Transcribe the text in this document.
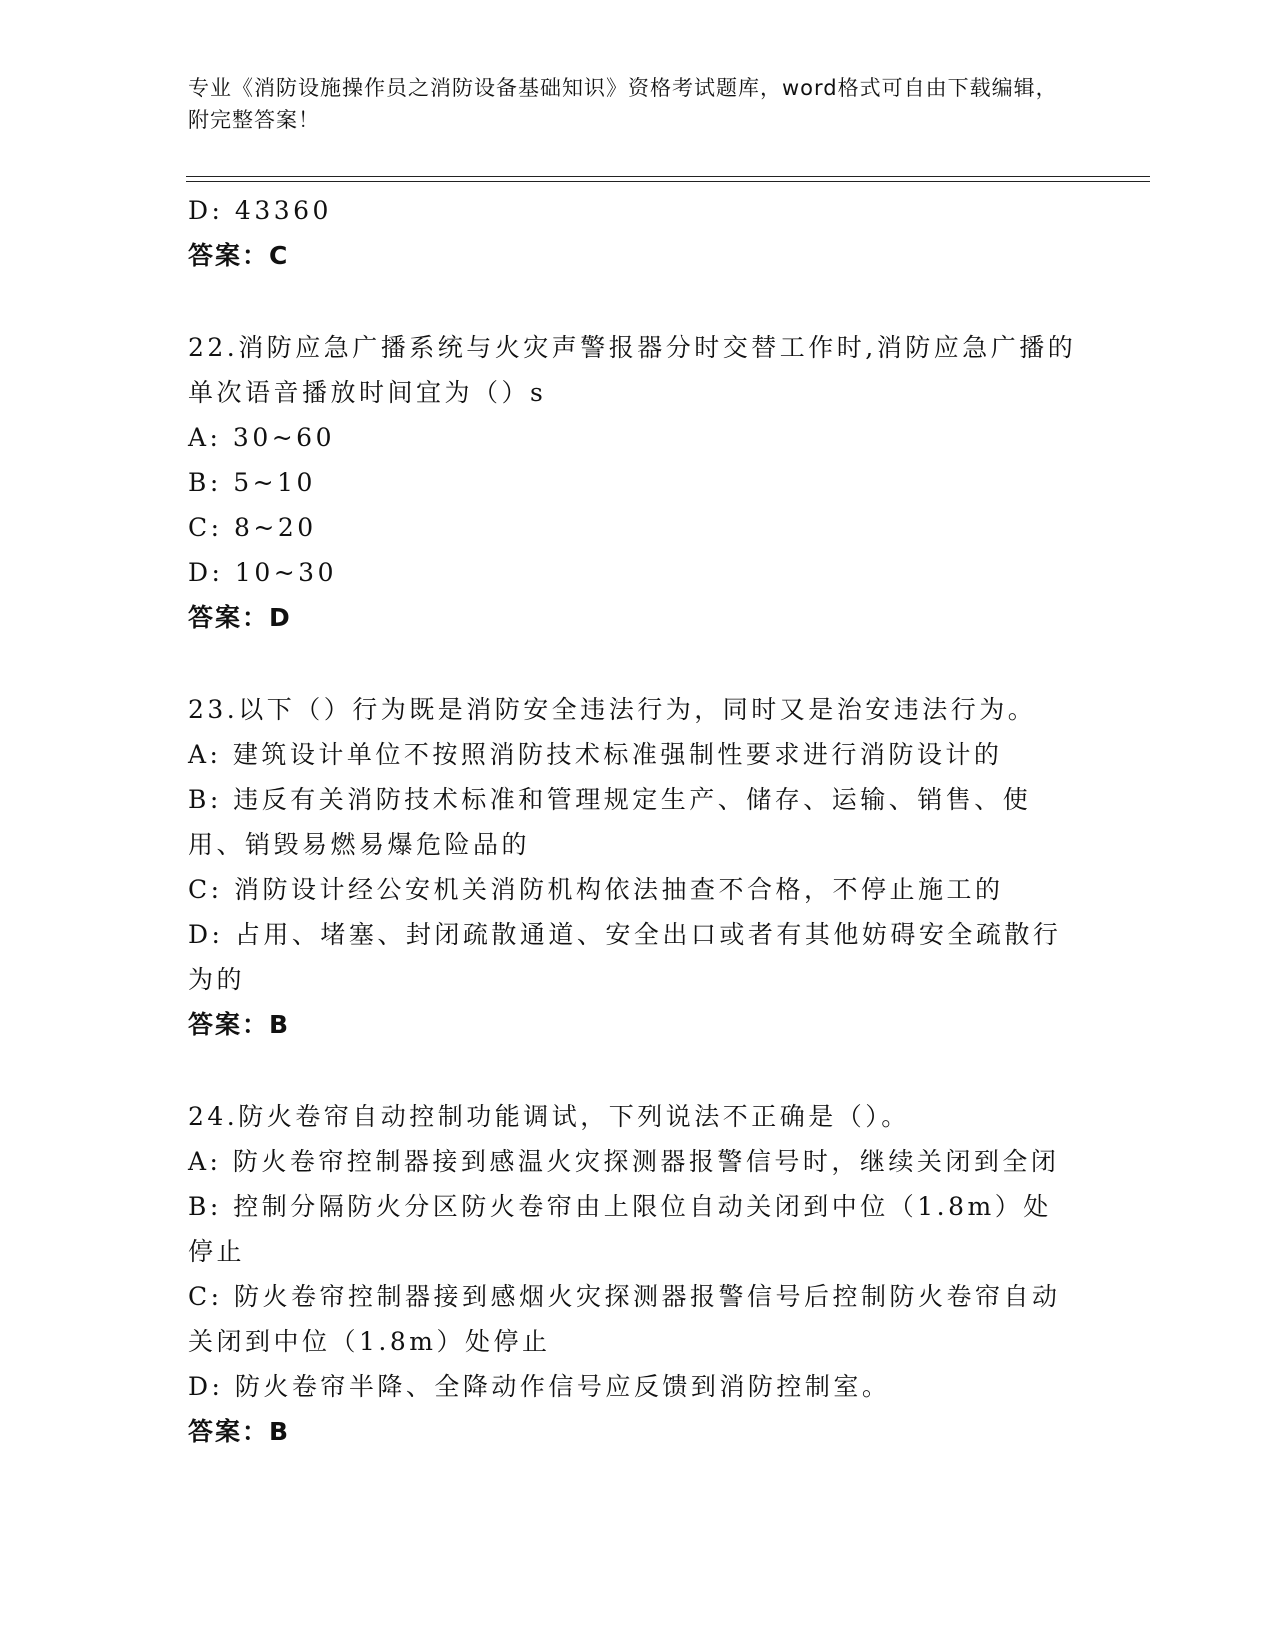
专业《消防设施操作员之消防设备基础知识》资格考试题库，word格式可自由下载编辑，附完整答案！
D: 43360
答案：C
22.消防应急广播系统与火灾声警报器分时交替工作时,消防应急广播的单次语音播放时间宜为（）s
A: 30~60
B: 5~10
C: 8~20
D: 10~30
答案：D
23.以下（）行为既是消防安全违法行为，同时又是治安违法行为。
A: 建筑设计单位不按照消防技术标准强制性要求进行消防设计的
B: 违反有关消防技术标准和管理规定生产、储存、运输、销售、使用、销毁易燃易爆危险品的
C: 消防设计经公安机关消防机构依法抽查不合格，不停止施工的
D: 占用、堵塞、封闭疏散通道、安全出口或者有其他妨碍安全疏散行为的
答案：B
24.防火卷帘自动控制功能调试，下列说法不正确是（）。
A: 防火卷帘控制器接到感温火灾探测器报警信号时，继续关闭到全闭
B: 控制分隔防火分区防火卷帘由上限位自动关闭到中位（1.8m）处停止
C: 防火卷帘控制器接到感烟火灾探测器报警信号后控制防火卷帘自动关闭到中位（1.8m）处停止
D: 防火卷帘半降、全降动作信号应反馈到消防控制室。
答案：B
